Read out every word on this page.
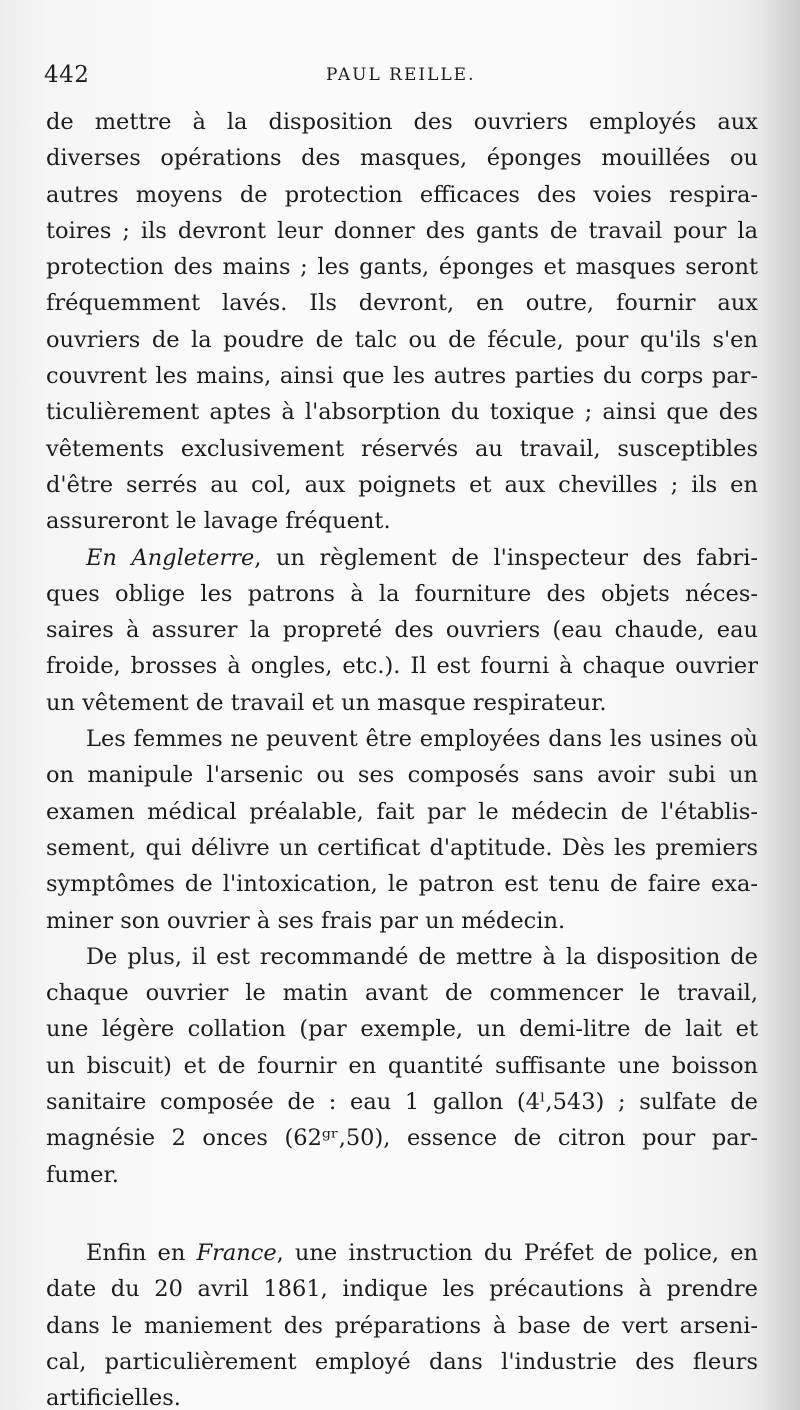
442	PAUL REILLE.
de mettre à la disposition des ouvriers employés aux
diverses opérations des masques, éponges mouillées ou
autres moyens de protection efficaces des voies respira-
toires ; ils devront leur donner des gants de travail pour la
protection des mains ; les gants, éponges et masques seront
fréquemment lavés. Ils devront, en outre, fournir aux
ouvriers de la poudre de talc ou de fécule, pour qu'ils s'en
couvrent les mains, ainsi que les autres parties du corps par-
ticulièrement aptes à l'absorption du toxique ; ainsi que des
vêtements exclusivement réservés au travail, susceptibles
d'être serrés au col, aux poignets et aux chevilles ; ils en
assureront le lavage fréquent.
En Angleterre, un règlement de l'inspecteur des fabri-
ques oblige les patrons à la fourniture des objets néces-
saires à assurer la propreté des ouvriers (eau chaude, eau
froide, brosses à ongles, etc.). Il est fourni à chaque ouvrier
un vêtement de travail et un masque respirateur.
Les femmes ne peuvent être employées dans les usines où
on manipule l'arsenic ou ses composés sans avoir subi un
examen médical préalable, fait par le médecin de l'établis-
sement, qui délivre un certificat d'aptitude. Dès les premiers
symptômes de l'intoxication, le patron est tenu de faire exa-
miner son ouvrier à ses frais par un médecin.
De plus, il est recommandé de mettre à la disposition de
chaque ouvrier le matin avant de commencer le travail,
une légère collation (par exemple, un demi-litre de lait et
un biscuit) et de fournir en quantité suffisante une boisson
sanitaire composée de : eau 1 gallon (4ˡ,543) ; sulfate de
magnésie 2 onces (62ᵍʳ,50), essence de citron pour par-
fumer.
Enfin en France, une instruction du Préfet de police, en
date du 20 avril 1861, indique les précautions à prendre
dans le maniement des préparations à base de vert arseni-
cal, particulièrement employé dans l'industrie des fleurs
artificielles.
